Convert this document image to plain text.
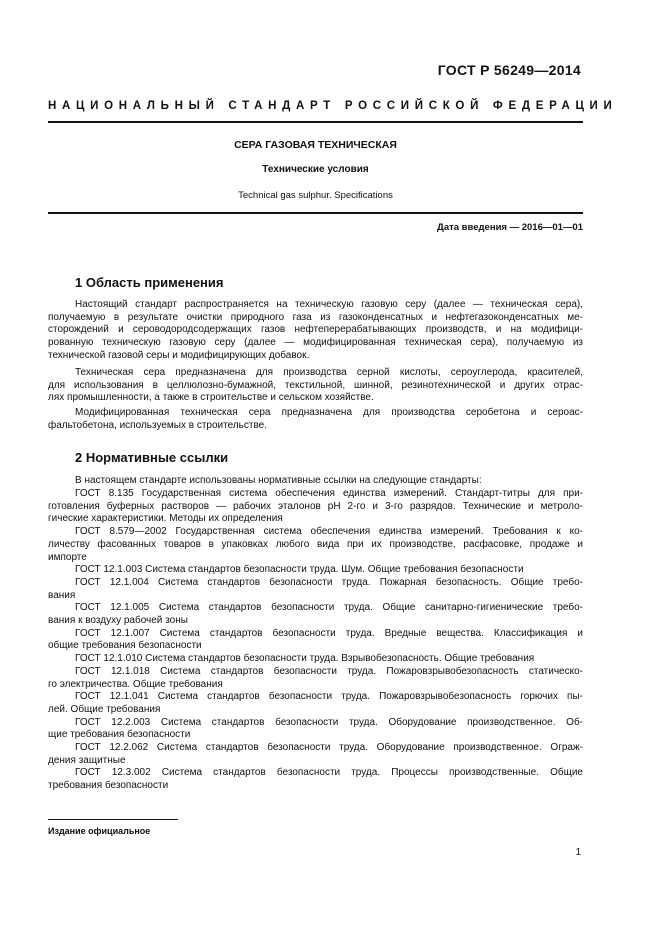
ГОСТ Р 56249—2014
НАЦИОНАЛЬНЫЙ СТАНДАРТ РОССИЙСКОЙ ФЕДЕРАЦИИ
СЕРА ГАЗОВАЯ ТЕХНИЧЕСКАЯ
Технические условия
Technical gas sulphur. Specifications
Дата введения — 2016—01—01
1 Область применения
Настоящий стандарт распространяется на техническую газовую серу (далее — техническая сера),
получаемую в результате очистки природного газа из газоконденсатных и нефтегазоконденсатных ме-
сторождений и сероводородсодержащих газов нефтеперерабатывающих производств, и на модифици-
рованную техническую газовую серу (далее — модифицированная техническая сера), получаемую из
технической газовой серы и модифицирующих добавок.
Техническая сера предназначена для производства серной кислоты, сероуглерода, красителей,
для использования в целлюлозно-бумажной, текстильной, шинной, резинотехнической и других отрас-
лях промышленности, а также в строительстве и сельском хозяйстве.
Модифицированная техническая сера предназначена для производства серобетона и сероас-
фальтобетона, используемых в строительстве.
2 Нормативные ссылки
В настоящем стандарте использованы нормативные ссылки на следующие стандарты:
ГОСТ 8.135 Государственная система обеспечения единства измерений. Стандарт-титры для при-
готовления буферных растворов — рабочих эталонов рН 2-го и 3-го разрядов. Технические и метроло-
гические характеристики. Методы их определения
ГОСТ 8.579—2002 Государственная система обеспечения единства измерений. Требования к ко-
личеству фасованных товаров в упаковках любого вида при их производстве, расфасовке, продаже и
импорте
ГОСТ 12.1.003 Система стандартов безопасности труда. Шум. Общие требования безопасности
ГОСТ 12.1.004 Система стандартов безопасности труда. Пожарная безопасность. Общие требо-
вания
ГОСТ 12.1.005 Система стандартов безопасности труда. Общие санитарно-гигиенические требо-
вания к воздуху рабочей зоны
ГОСТ 12.1.007 Система стандартов безопасности труда. Вредные вещества. Классификация и
общие требования безопасности
ГОСТ 12.1.010 Система стандартов безопасности труда. Взрывобезопасность. Общие требования
ГОСТ 12.1.018 Система стандартов безопасности труда. Пожаровзрывобезопасность статическо-
го электричества. Общие требования
ГОСТ 12.1.041 Система стандартов безопасности труда. Пожаровзрывобезопасность горючих пы-
лей. Общие требования
ГОСТ 12.2.003 Система стандартов безопасности труда. Оборудование производственное. Об-
щие требования безопасности
ГОСТ 12.2.062 Система стандартов безопасности труда. Оборудование производственное. Ограж-
дения защитные
ГОСТ 12.3.002 Система стандартов безопасности труда. Процессы производственные. Общие
требования безопасности
Издание официальное
1
